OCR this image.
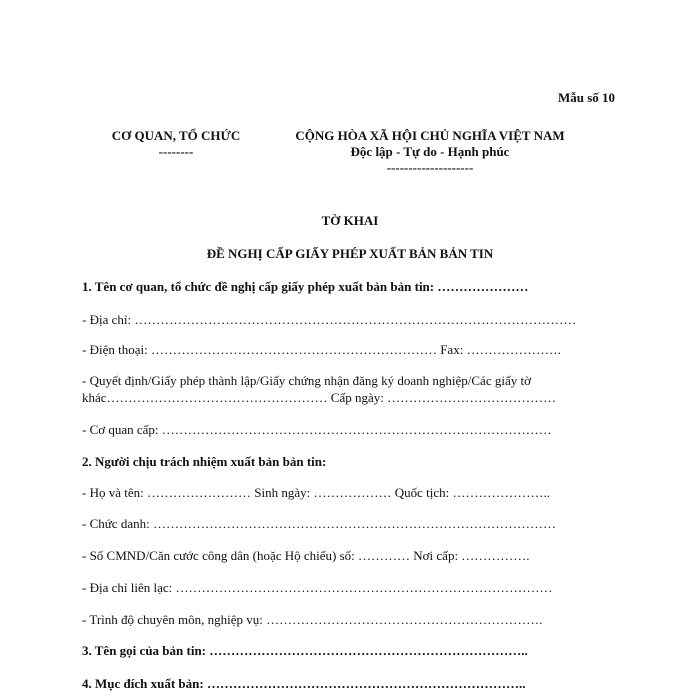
Mẫu số 10
CƠ QUAN, TỔ CHỨC
--------
CỘNG HÒA XÃ HỘI CHỦ NGHĨA VIỆT NAM
Độc lập - Tự do - Hạnh phúc
--------------------
TỜ KHAI
ĐỀ NGHỊ CẤP GIẤY PHÉP XUẤT BẢN BẢN TIN
1. Tên cơ quan, tổ chức đề nghị cấp giấy phép xuất bản bản tin: …………………
- Địa chỉ: …………………………………………………………………………………………
- Điện thoại: ………………………………………………………… Fax: ………………….
- Quyết định/Giấy phép thành lập/Giấy chứng nhận đăng ký doanh nghiệp/Các giấy tờ
khác…………………………………………… Cấp ngày: …………………………………
- Cơ quan cấp: ………………………………………………………………………………
2. Người chịu trách nhiệm xuất bản bản tin:
- Họ và tên: …………………… Sinh ngày: ……………… Quốc tịch: …………………..
- Chức danh: …………………………………………………………………………………
- Số CMND/Căn cước công dân (hoặc Hộ chiếu) số: ………… Nơi cấp: …………….
- Địa chỉ liên lạc: ……………………………………………………………………………
- Trình độ chuyên môn, nghiệp vụ: ……………………………………………………….
3. Tên gọi của bản tin: ………………………………………………………………..
4. Mục đích xuất bản: ………………………………………………………………..
